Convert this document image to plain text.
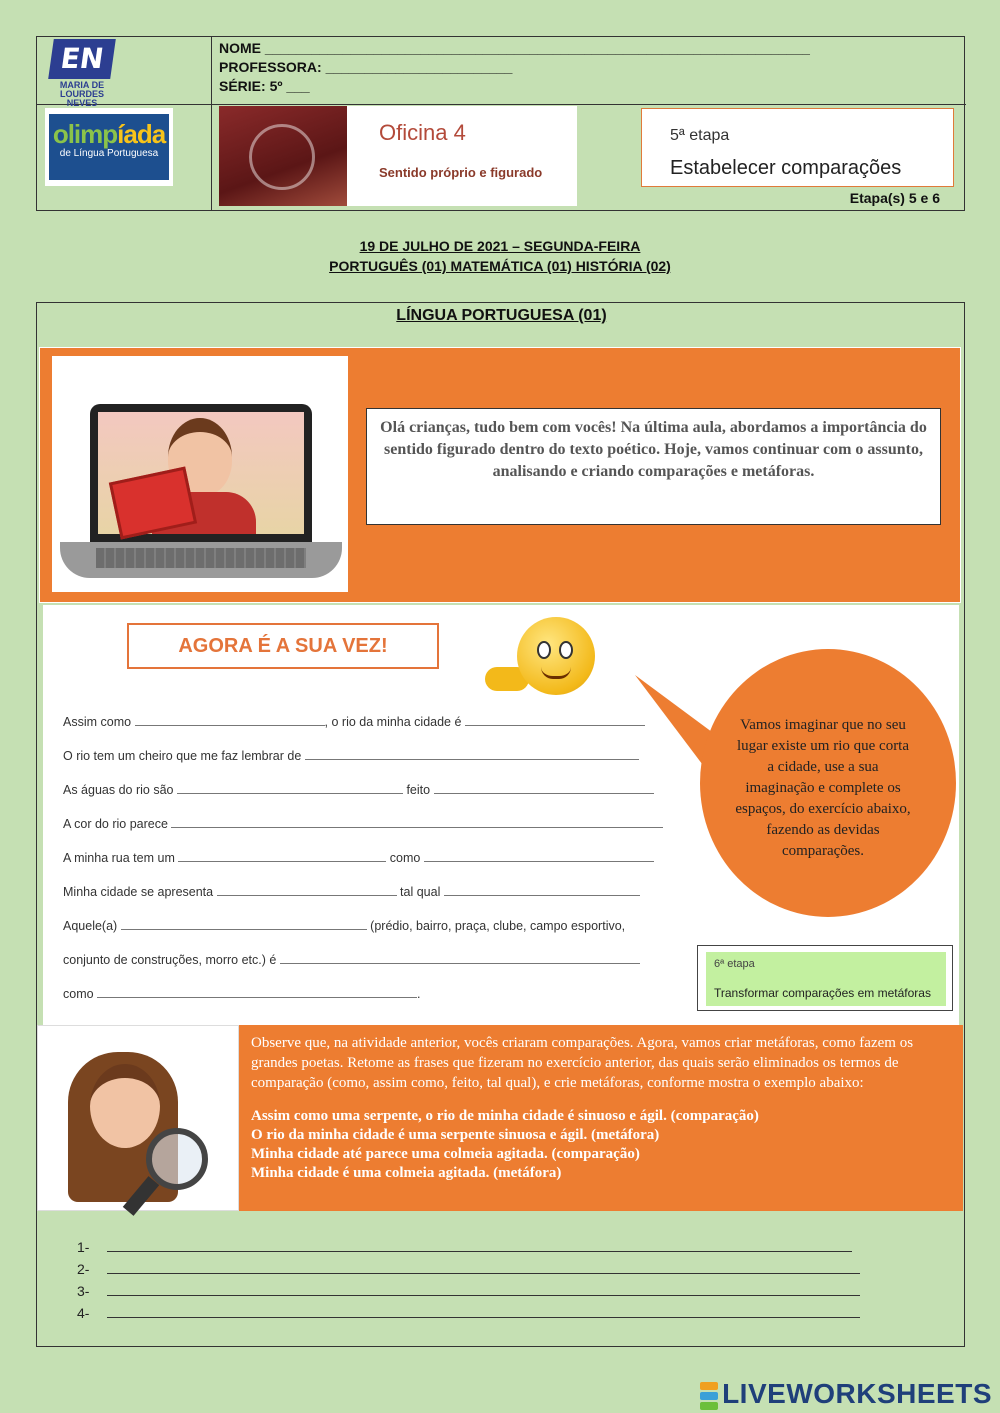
EN
MARIA DE LOURDES NEVES
NOME ______________________________________________________________________
PROFESSORA: ________________________
SÉRIE: 5º ___
olimpíada
de Língua Portuguesa
Oficina 4
Sentido próprio e figurado
5ª etapa
Estabelecer comparações
Etapa(s) 5 e 6
19 DE JULHO DE 2021 – SEGUNDA-FEIRA
PORTUGUÊS (01) MATEMÁTICA (01) HISTÓRIA (02)
LÍNGUA PORTUGUESA (01)
Olá crianças, tudo bem com vocês! Na última aula, abordamos a importância do sentido figurado dentro do texto poético. Hoje, vamos continuar com o assunto, analisando e criando comparações e metáforas.
AGORA É A SUA VEZ!
Vamos imaginar que no seu lugar existe um rio que corta a cidade, use a sua imaginação e complete os espaços, do exercício abaixo, fazendo as devidas comparações.
Assim como	, o rio da minha cidade é
O rio tem um cheiro que me faz lembrar de
As águas do rio são	feito
A cor do rio parece
A minha rua tem um	como
Minha cidade se apresenta	tal qual
Aquele(a)	(prédio, bairro, praça, clube, campo esportivo,
conjunto de construções, morro etc.) é
como	.
6ª etapa
Transformar comparações em metáforas
Observe que, na atividade anterior, vocês criaram comparações. Agora, vamos criar metáforas, como fazem os grandes poetas. Retome as frases que fizeram no exercício anterior, das quais serão eliminados os termos de comparação (como, assim como, feito, tal qual), e crie metáforas, conforme mostra o exemplo abaixo:
Assim como uma serpente, o rio de minha cidade é sinuoso e ágil. (comparação)
O rio da minha cidade é uma serpente sinuosa e ágil. (metáfora)
Minha cidade até parece uma colmeia agitada. (comparação)
Minha cidade é uma colmeia agitada. (metáfora)
1-
2-
3-
4-
LIVEWORKSHEETS
